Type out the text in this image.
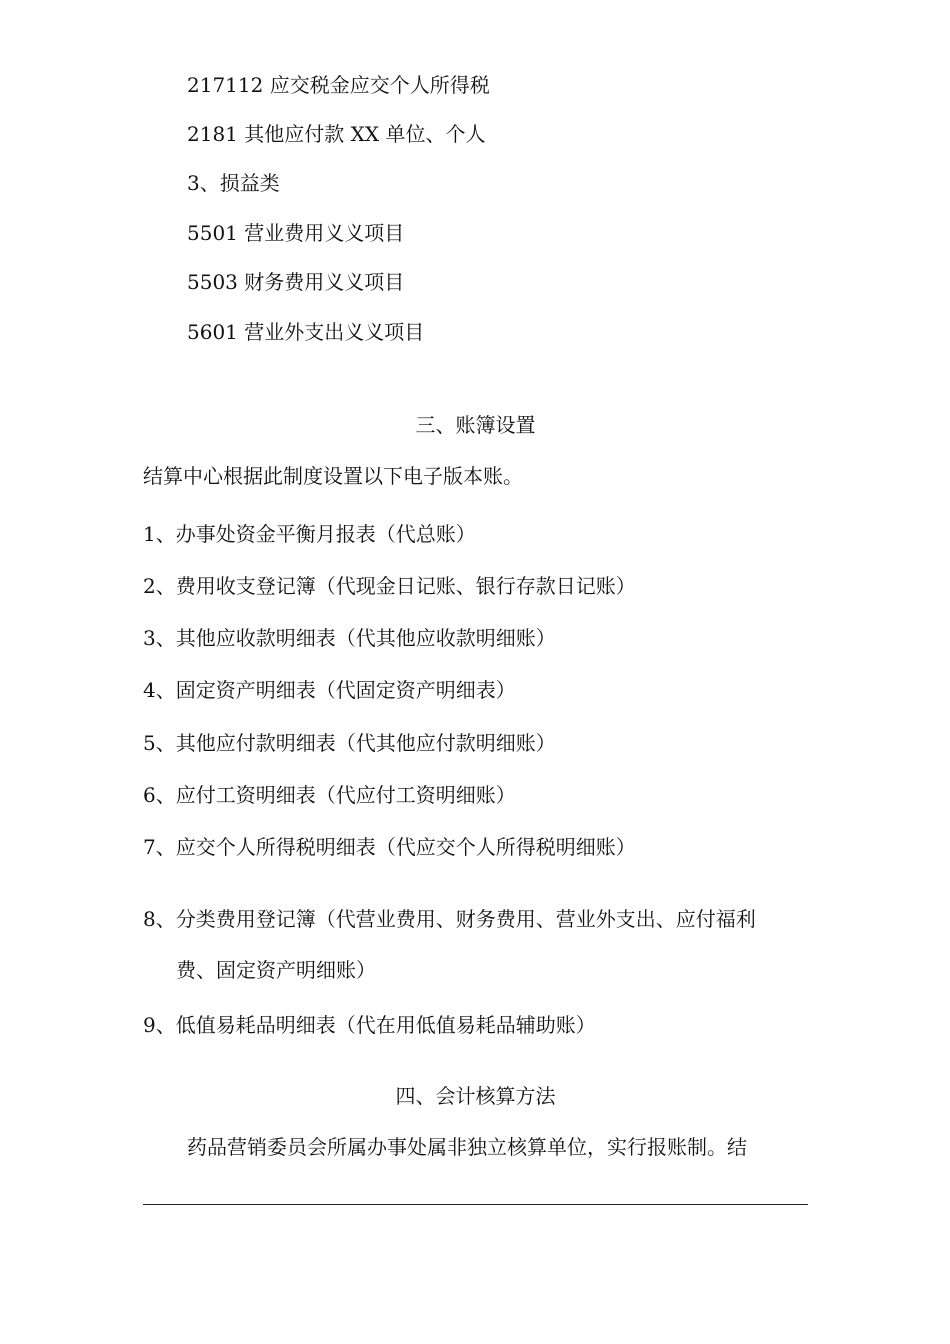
217112 应交税金应交个人所得税

2181 其他应付款 XX 单位、个人

3、损益类

5501 营业费用义义项目

5503 财务费用义义项目

5601 营业外支出义义项目

三、账簿设置

结算中心根据此制度设置以下电子版本账。

1、办事处资金平衡月报表（代总账）

2、费用收支登记簿（代现金日记账、银行存款日记账）

3、其他应收款明细表（代其他应收款明细账）

4、固定资产明细表（代固定资产明细表）

5、其他应付款明细表（代其他应付款明细账）

6、应付工资明细表（代应付工资明细账）

7、应交个人所得税明细表（代应交个人所得税明细账）

8、分类费用登记簿（代营业费用、财务费用、营业外支出、应付福利

费、固定资产明细账）

9、低值易耗品明细表（代在用低值易耗品辅助账）

四、会计核算方法

药品营销委员会所属办事处属非独立核算单位，实行报账制。结
